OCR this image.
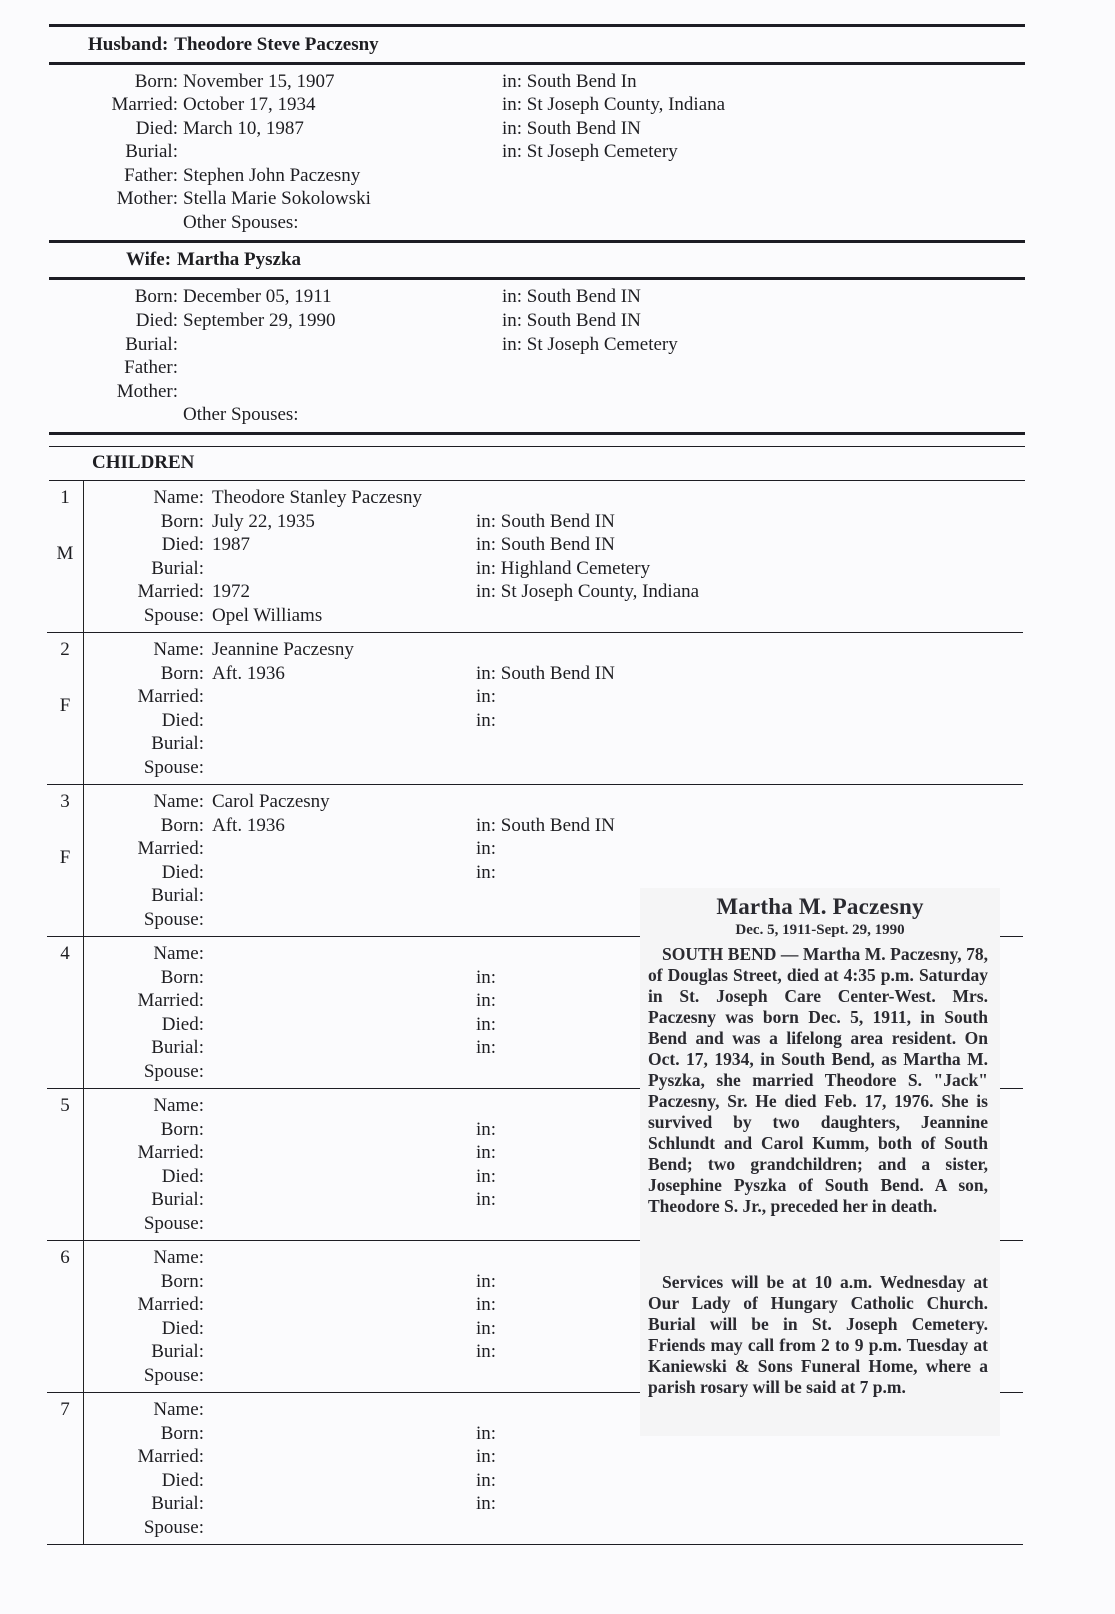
Husband: Theodore Steve Paczesny
Born: November 15, 1907	in: South Bend In
Married: October 17, 1934	in: St Joseph County, Indiana
Died: March 10, 1987	in: South Bend IN
Burial:	in: St Joseph Cemetery
Father: Stephen John Paczesny
Mother: Stella Marie Sokolowski
Other Spouses:
Wife: Martha Pyszka
Born: December 05, 1911	in: South Bend IN
Died: September 29, 1990	in: South Bend IN
Burial:	in: St Joseph Cemetery
Father:
Mother:
Other Spouses:
CHILDREN
1
M
Name: Theodore Stanley Paczesny
Born: July 22, 1935	in: South Bend IN
Died: 1987	in: South Bend IN
Burial:	in: Highland Cemetery
Married: 1972	in: St Joseph County, Indiana
Spouse: Opel Williams
2
F
Name: Jeannine Paczesny
Born: Aft. 1936	in: South Bend IN
Married:	in:
Died:	in:
Burial:
Spouse:
3
F
Name: Carol Paczesny
Born: Aft. 1936	in: South Bend IN
Married:	in:
Died:	in:
Burial:
Spouse:
4	Name:
Born:	in:
Married:	in:
Died:	in:
Burial:	in:
Spouse:
5	Name:
Born:	in:
Married:	in:
Died:	in:
Burial:	in:
Spouse:
6	Name:
Born:	in:
Married:	in:
Died:	in:
Burial:	in:
Spouse:
7	Name:
Born:	in:
Married:	in:
Died:	in:
Burial:	in:
Spouse:
Martha M. Paczesny
Dec. 5, 1911-Sept. 29, 1990
SOUTH BEND — Martha M. Paczesny, 78, of Douglas Street, died at 4:35 p.m. Saturday in St. Joseph Care Center-West. Mrs. Paczesny was born Dec. 5, 1911, in South Bend and was a lifelong area resident. On Oct. 17, 1934, in South Bend, as Martha M. Pyszka, she married Theodore S. "Jack" Paczesny, Sr. He died Feb. 17, 1976. She is survived by two daughters, Jeannine Schlundt and Carol Kumm, both of South Bend; two grandchildren; and a sister, Josephine Pyszka of South Bend. A son, Theodore S. Jr., preceded her in death.
Services will be at 10 a.m. Wednesday at Our Lady of Hungary Catholic Church. Burial will be in St. Joseph Cemetery. Friends may call from 2 to 9 p.m. Tuesday at Kaniewski & Sons Funeral Home, where a parish rosary will be said at 7 p.m.
